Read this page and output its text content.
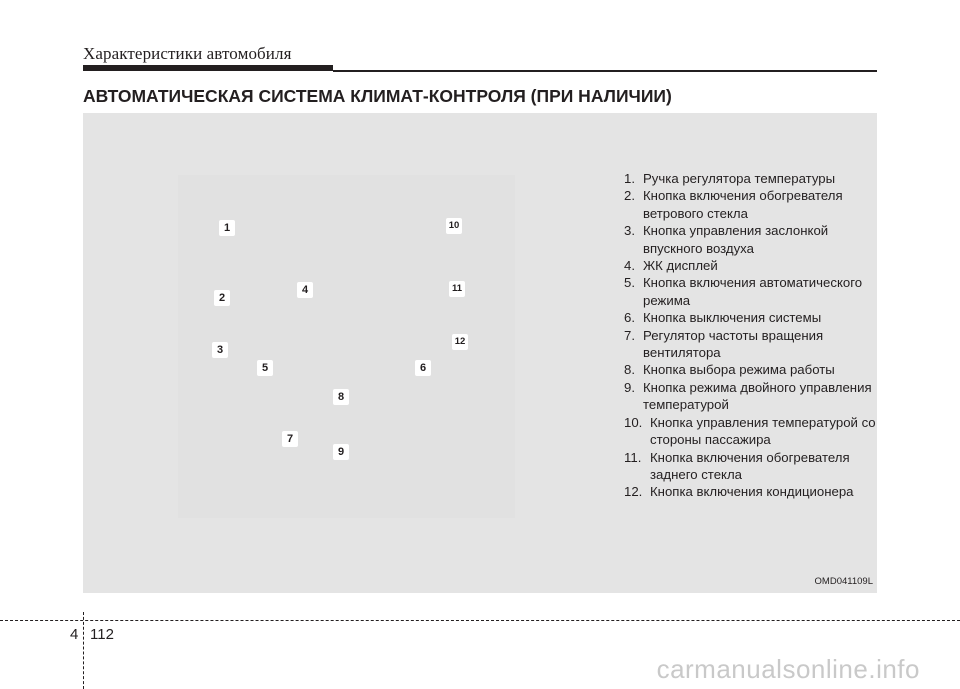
Характеристики автомобиля
АВТОМАТИЧЕСКАЯ СИСТЕМА КЛИМАТ-КОНТРОЛЯ (ПРИ НАЛИЧИИ)
1
2
3
4
5	6
7
8
9
10
11
12
1. Ручка регулятора температуры
2. Кнопка включения обогревателя ветрового стекла
3. Кнопка управления заслонкой впускного воздуха
4. ЖК дисплей
5. Кнопка включения автоматического режима
6. Кнопка выключения системы
7. Регулятор частоты вращения вентилятора
8. Кнопка выбора режима работы
9. Кнопка режима двойного управления температурой
10. Кнопка управления температурой со стороны пассажира
11. Кнопка включения обогревателя заднего стекла
12. Кнопка включения кондиционера
OMD041109L
4 112
carmanualsonline.info
